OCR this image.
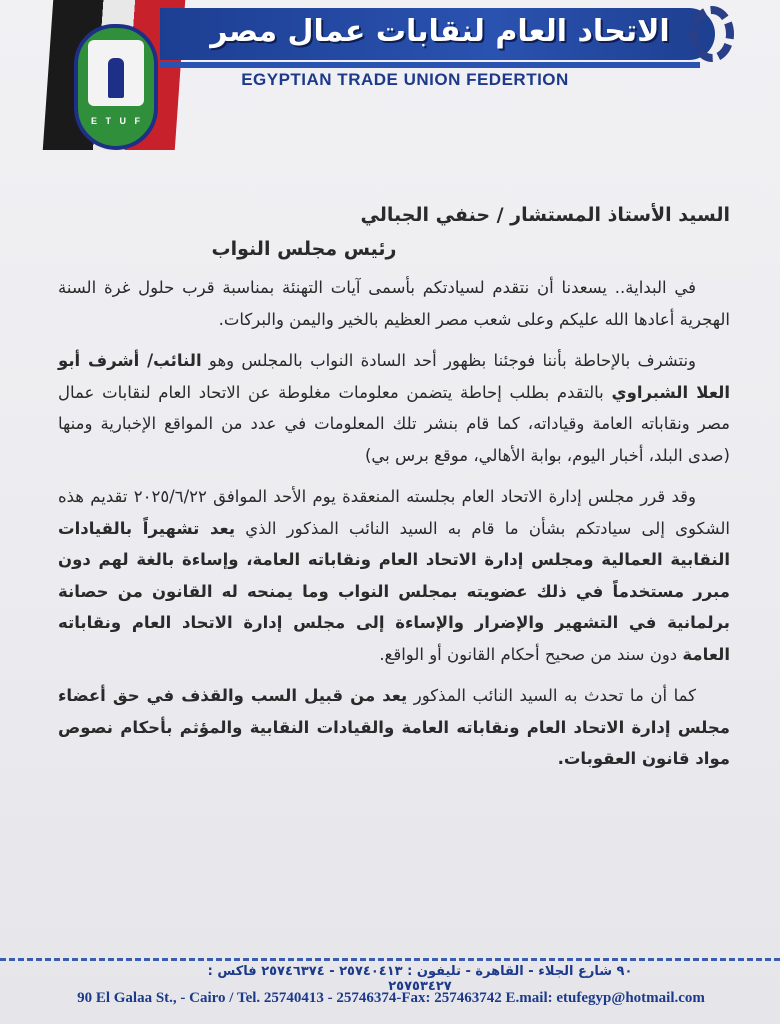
الاتحاد العام لنقابات عمال مصر
EGYPTIAN TRADE UNION FEDERTION
E T U F

السيد الأستاذ المستشار / حنفي الجبالي

رئيس مجلس النواب

في البداية.. يسعدنا أن نتقدم لسيادتكم بأسمى آيات التهنئة بمناسبة قرب حلول غرة السنة الهجرية أعادها الله عليكم وعلى شعب مصر العظيم بالخير واليمن والبركات.

ونتشرف بالإحاطة بأننا فوجئنا بظهور أحد السادة النواب بالمجلس وهو النائب/ أشرف أبو العلا الشبراوي بالتقدم بطلب إحاطة يتضمن معلومات مغلوطة عن الاتحاد العام لنقابات عمال مصر ونقاباته العامة وقياداته، كما قام بنشر تلك المعلومات في عدد من المواقع الإخبارية ومنها (صدى البلد، أخبار اليوم، بوابة الأهالي، موقع برس بي)

وقد قرر مجلس إدارة الاتحاد العام بجلسته المنعقدة يوم الأحد الموافق ٢٠٢٥/٦/٢٢ تقديم هذه الشكوى إلى سيادتكم بشأن ما قام به السيد النائب المذكور الذي يعد تشهيراً بالقيادات النقابية العمالية ومجلس إدارة الاتحاد العام ونقاباته العامة، وإساءة بالغة لهم دون مبرر مستخدماً في ذلك عضويته بمجلس النواب وما يمنحه له القانون من حصانة برلمانية في التشهير والإضرار والإساءة إلى مجلس إدارة الاتحاد العام ونقاباته العامة دون سند من صحيح أحكام القانون أو الواقع.

كما أن ما تحدث به السيد النائب المذكور يعد من قبيل السب والقذف في حق أعضاء مجلس إدارة الاتحاد العام ونقاباته العامة والقيادات النقابية والمؤثم بأحكام نصوص مواد قانون العقوبات.

٩٠ شارع الجلاء - القاهرة - تليفون : ٢٥٧٤٠٤١٣ - ٢٥٧٤٦٣٧٤ فاكس : ٢٥٧٥٣٤٢٧
90 El Galaa St., - Cairo / Tel. 25740413 - 25746374-Fax: 257463742 E.mail: etufegyp@hotmail.com
